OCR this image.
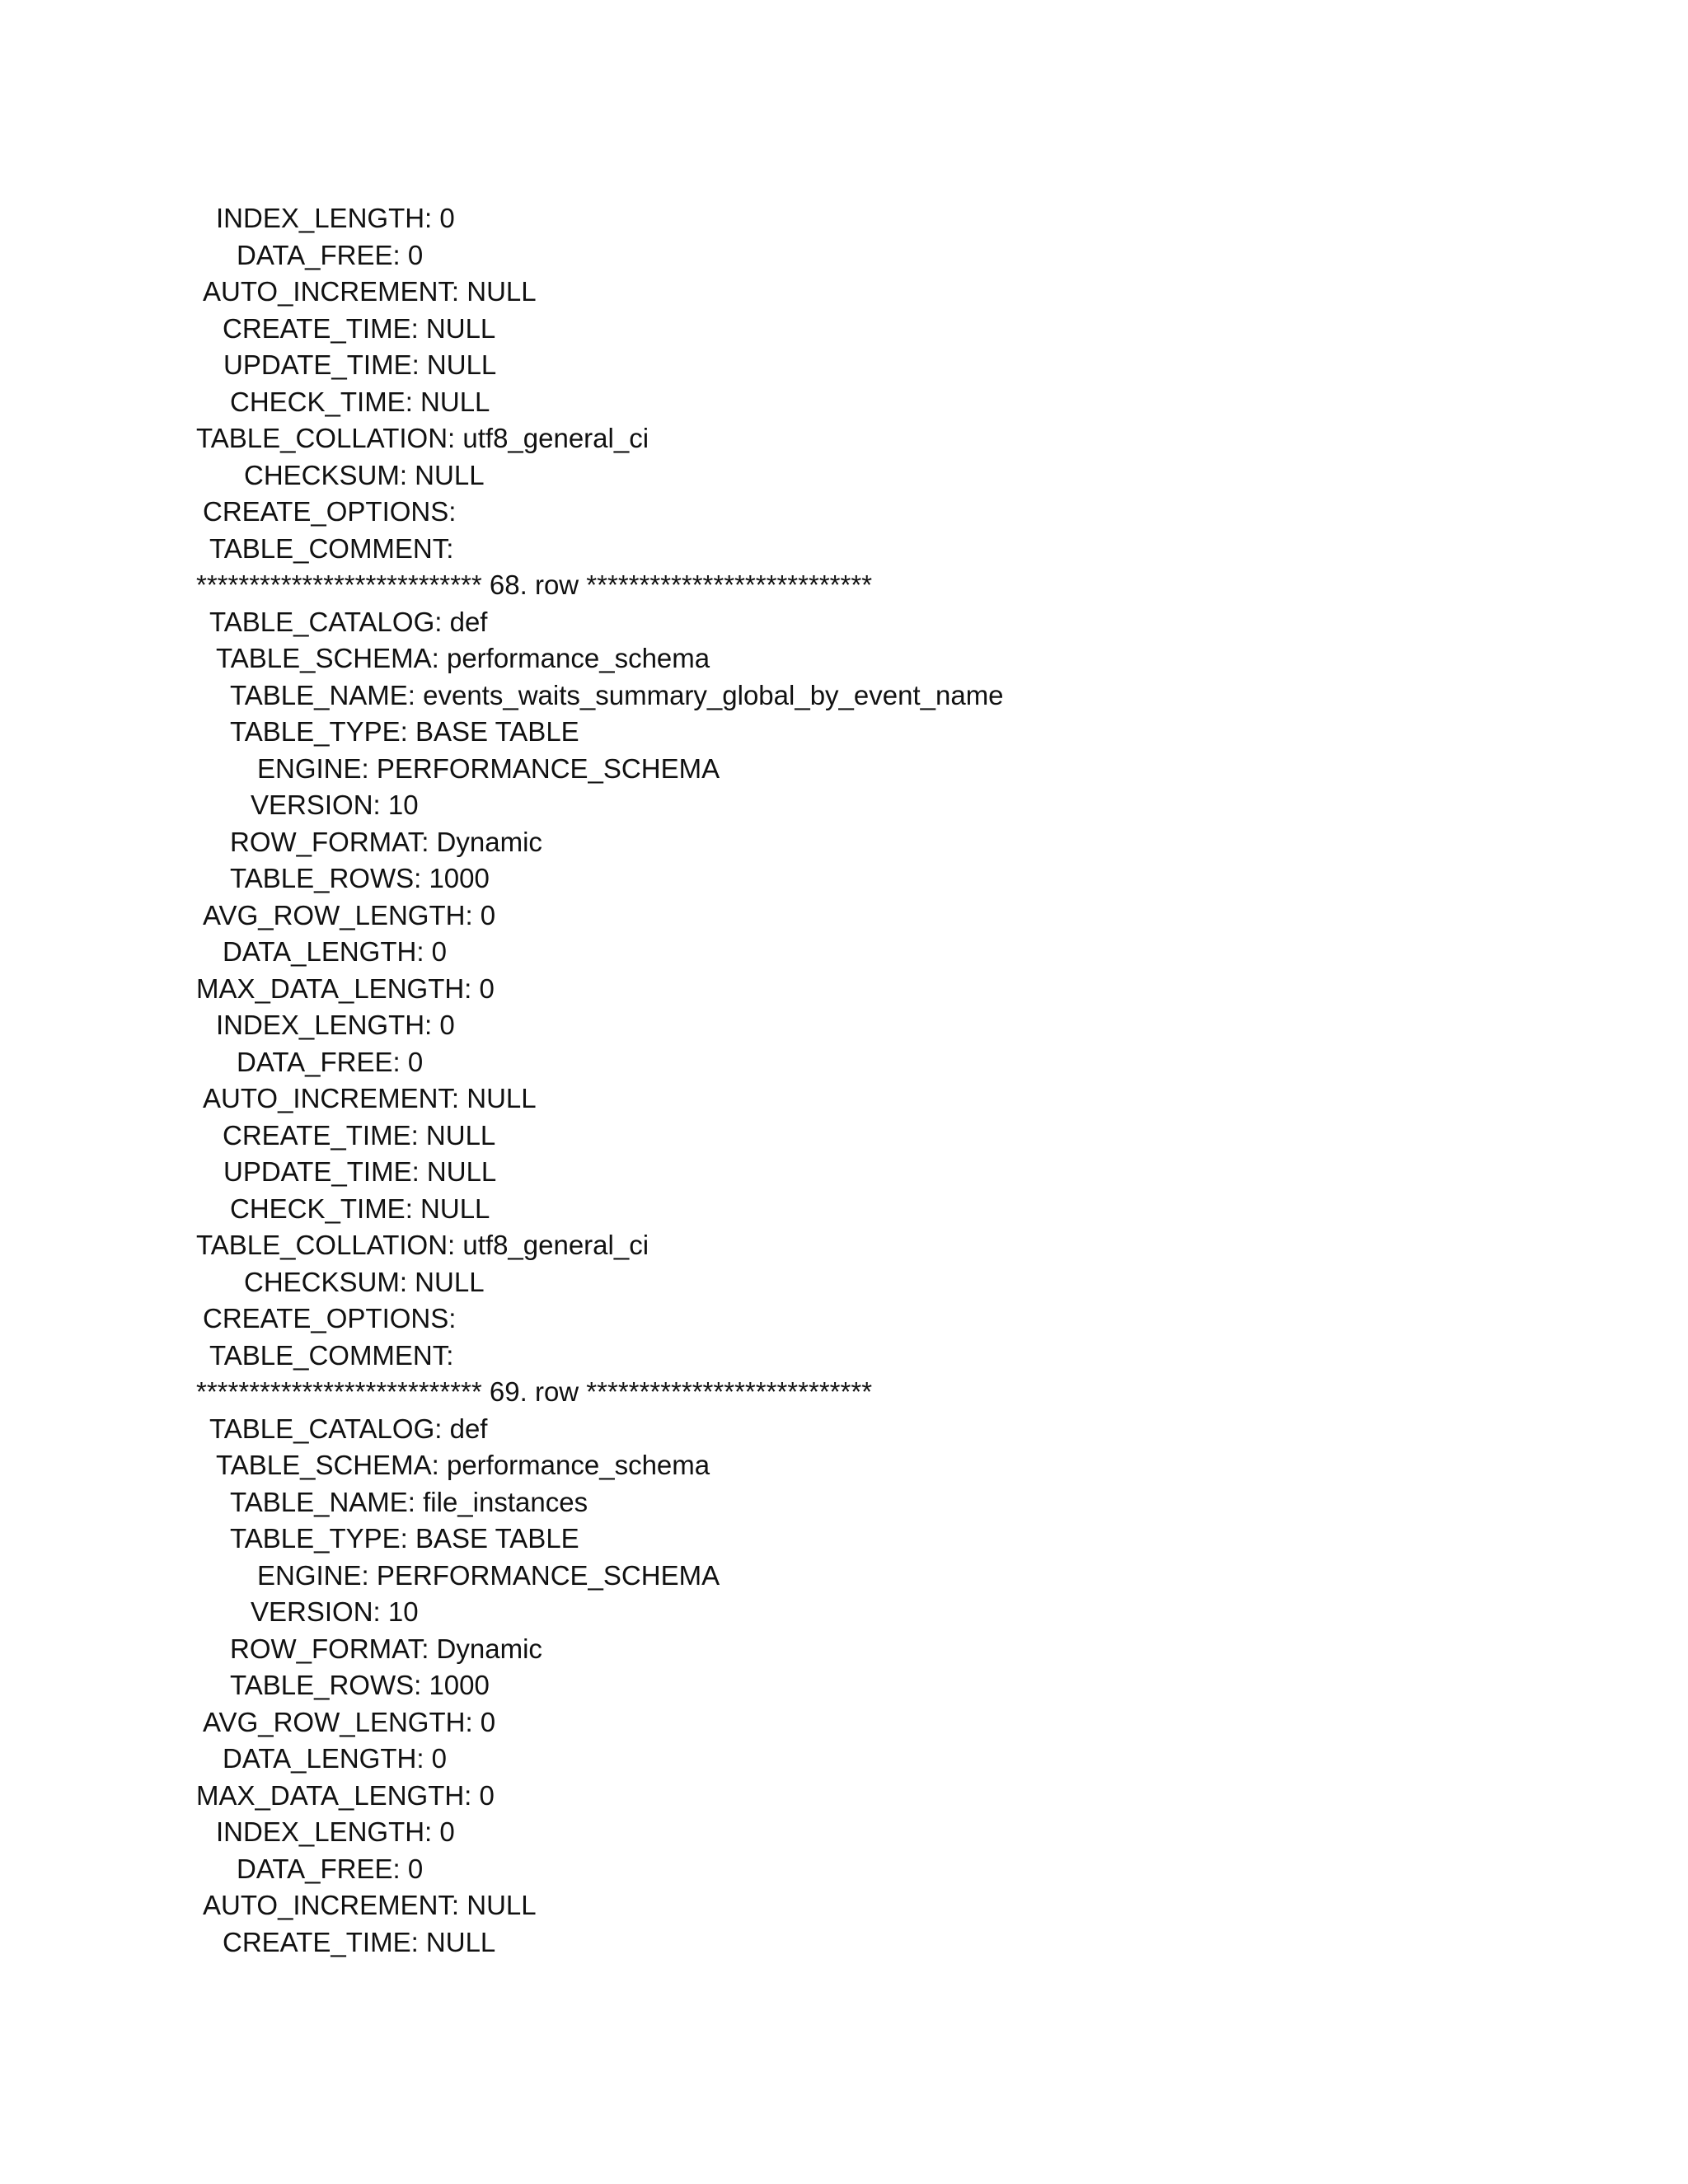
INDEX_LENGTH: 0
DATA_FREE: 0
AUTO_INCREMENT: NULL
CREATE_TIME: NULL
UPDATE_TIME: NULL
CHECK_TIME: NULL
TABLE_COLLATION: utf8_general_ci
CHECKSUM: NULL
CREATE_OPTIONS:
TABLE_COMMENT:
*************************** 68. row ***************************
TABLE_CATALOG: def
TABLE_SCHEMA: performance_schema
TABLE_NAME: events_waits_summary_global_by_event_name
TABLE_TYPE: BASE TABLE
ENGINE: PERFORMANCE_SCHEMA
VERSION: 10
ROW_FORMAT: Dynamic
TABLE_ROWS: 1000
AVG_ROW_LENGTH: 0
DATA_LENGTH: 0
MAX_DATA_LENGTH: 0
INDEX_LENGTH: 0
DATA_FREE: 0
AUTO_INCREMENT: NULL
CREATE_TIME: NULL
UPDATE_TIME: NULL
CHECK_TIME: NULL
TABLE_COLLATION: utf8_general_ci
CHECKSUM: NULL
CREATE_OPTIONS:
TABLE_COMMENT:
*************************** 69. row ***************************
TABLE_CATALOG: def
TABLE_SCHEMA: performance_schema
TABLE_NAME: file_instances
TABLE_TYPE: BASE TABLE
ENGINE: PERFORMANCE_SCHEMA
VERSION: 10
ROW_FORMAT: Dynamic
TABLE_ROWS: 1000
AVG_ROW_LENGTH: 0
DATA_LENGTH: 0
MAX_DATA_LENGTH: 0
INDEX_LENGTH: 0
DATA_FREE: 0
AUTO_INCREMENT: NULL
CREATE_TIME: NULL
